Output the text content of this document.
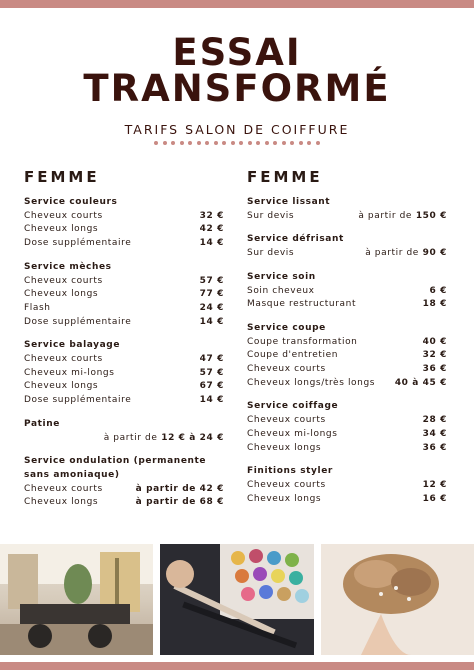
ESSAI
TRANSFORMÉ
TARIFS SALON DE COIFFURE
FEMME
Service couleurs
Cheveux courts	32 €
Cheveux longs	42 €
Dose supplémentaire	14 €
Service mèches
Cheveux courts	57 €
Cheveux longs	77 €
Flash	24 €
Dose supplémentaire	14 €
Service balayage
Cheveux courts	47 €
Cheveux mi-longs	57 €
Cheveux longs	67 €
Dose supplémentaire	14 €
Patine
à partir de 12 € à 24 €
Service ondulation (permanente sans amoniaque)
Cheveux courts	à partir de 42 €
Cheveux longs	à partir de 68 €
FEMME
Service lissant
Sur devis	à partir de 150 €
Service défrisant
Sur devis	à partir de 90 €
Service soin
Soin cheveux	6 €
Masque restructurant	18 €
Service coupe
Coupe transformation	40 €
Coupe d'entretien	32 €
Cheveux courts	36 €
Cheveux longs/très longs 40 à 45 €
Service coiffage
Cheveux courts	28 €
Cheveux mi-longs	34 €
Cheveux longs	36 €
Finitions styler
Cheveux courts	12 €
Cheveux longs	16 €
